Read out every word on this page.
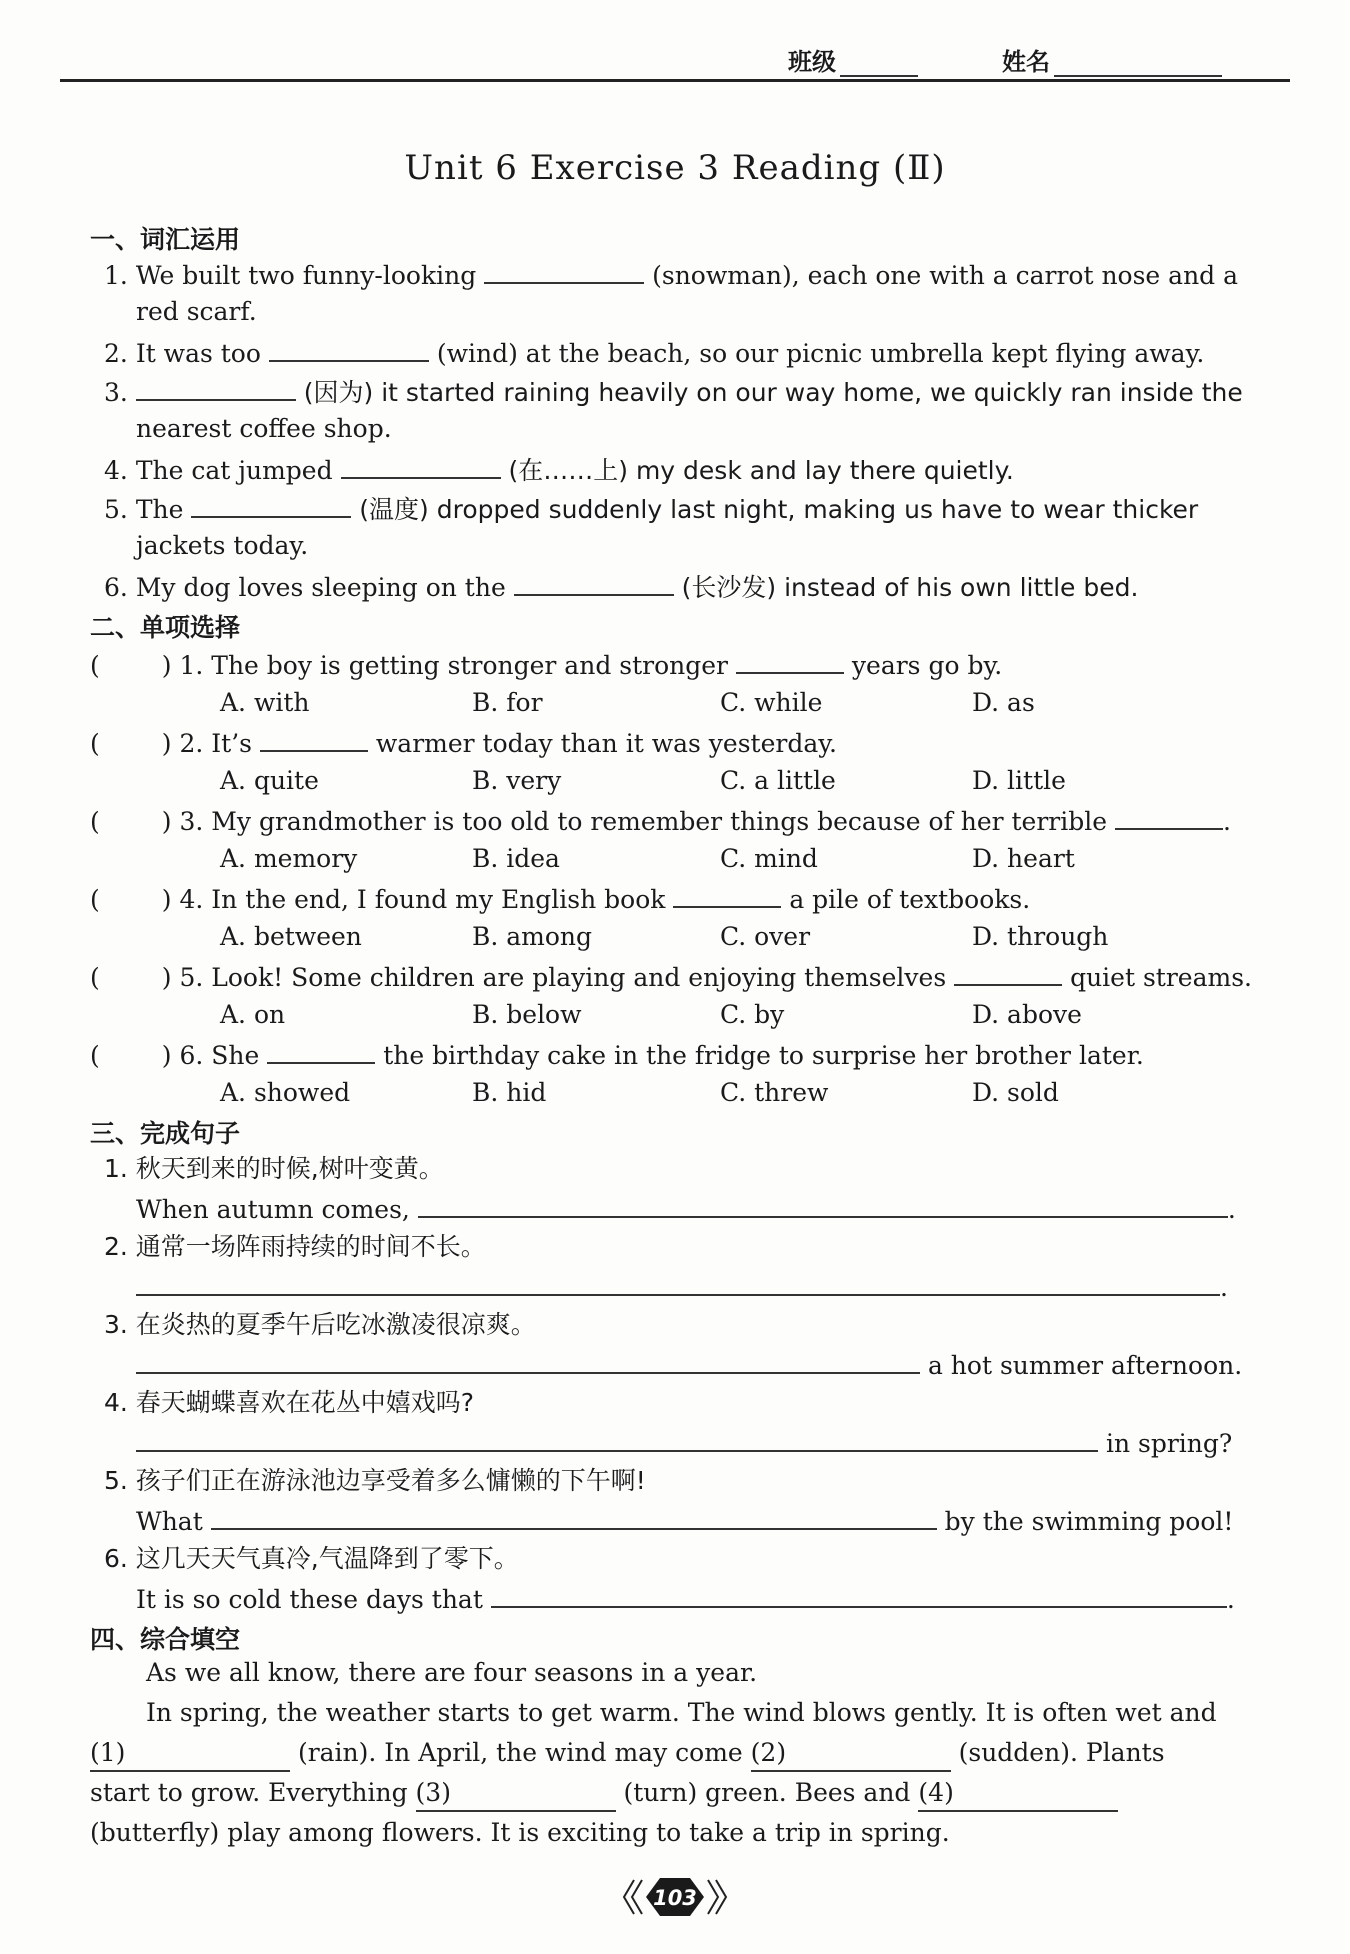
班级	姓名
Unit 6 Exercise 3 Reading (Ⅱ)
一、词汇运用
1. We built two funny-looking	(snowman), each one with a carrot nose and a
red scarf.
2. It was too	(wind) at the beach, so our picnic umbrella kept flying away.
3.	(因为) it started raining heavily on our way home, we quickly ran inside the
nearest coffee shop.
4. The cat jumped	(在……上) my desk and lay there quietly.
5. The	(温度) dropped suddenly last night, making us have to wear thicker
jackets today.
6. My dog loves sleeping on the	(长沙发) instead of his own little bed.
二、单项选择
( ) 1. The boy is getting stronger and stronger	years go by.
A. with	B. for	C. while	D. as
( ) 2. It’s	warmer today than it was yesterday.
A. quite	B. very	C. a little	D. little
( ) 3. My grandmother is too old to remember things because of her terrible	.
A. memory	B. idea	C. mind	D. heart
( ) 4. In the end, I found my English book	a pile of textbooks.
A. between	B. among	C. over	D. through
( ) 5. Look! Some children are playing and enjoying themselves	quiet streams.
A. on	B. below	C. by	D. above
( ) 6. She	the birthday cake in the fridge to surprise her brother later.
A. showed	B. hid	C. threw	D. sold
三、完成句子
1. 秋天到来的时候,树叶变黄。
When autumn comes,	.
2. 通常一场阵雨持续的时间不长。
.
3. 在炎热的夏季午后吃冰激凌很凉爽。
a hot summer afternoon.
4. 春天蝴蝶喜欢在花丛中嬉戏吗?
in spring?
5. 孩子们正在游泳池边享受着多么慵懒的下午啊!
What	by the swimming pool!
6. 这几天天气真冷,气温降到了零下。
It is so cold these days that	.
四、综合填空
As we all know, there are four seasons in a year.
In spring, the weather starts to get warm. The wind blows gently. It is often wet and
(1)	(rain). In April, the wind may come (2)	(sudden). Plants
start to grow. Everything (3)	(turn) green. Bees and (4)
(butterfly) play among flowers. It is exciting to take a trip in spring.
103
